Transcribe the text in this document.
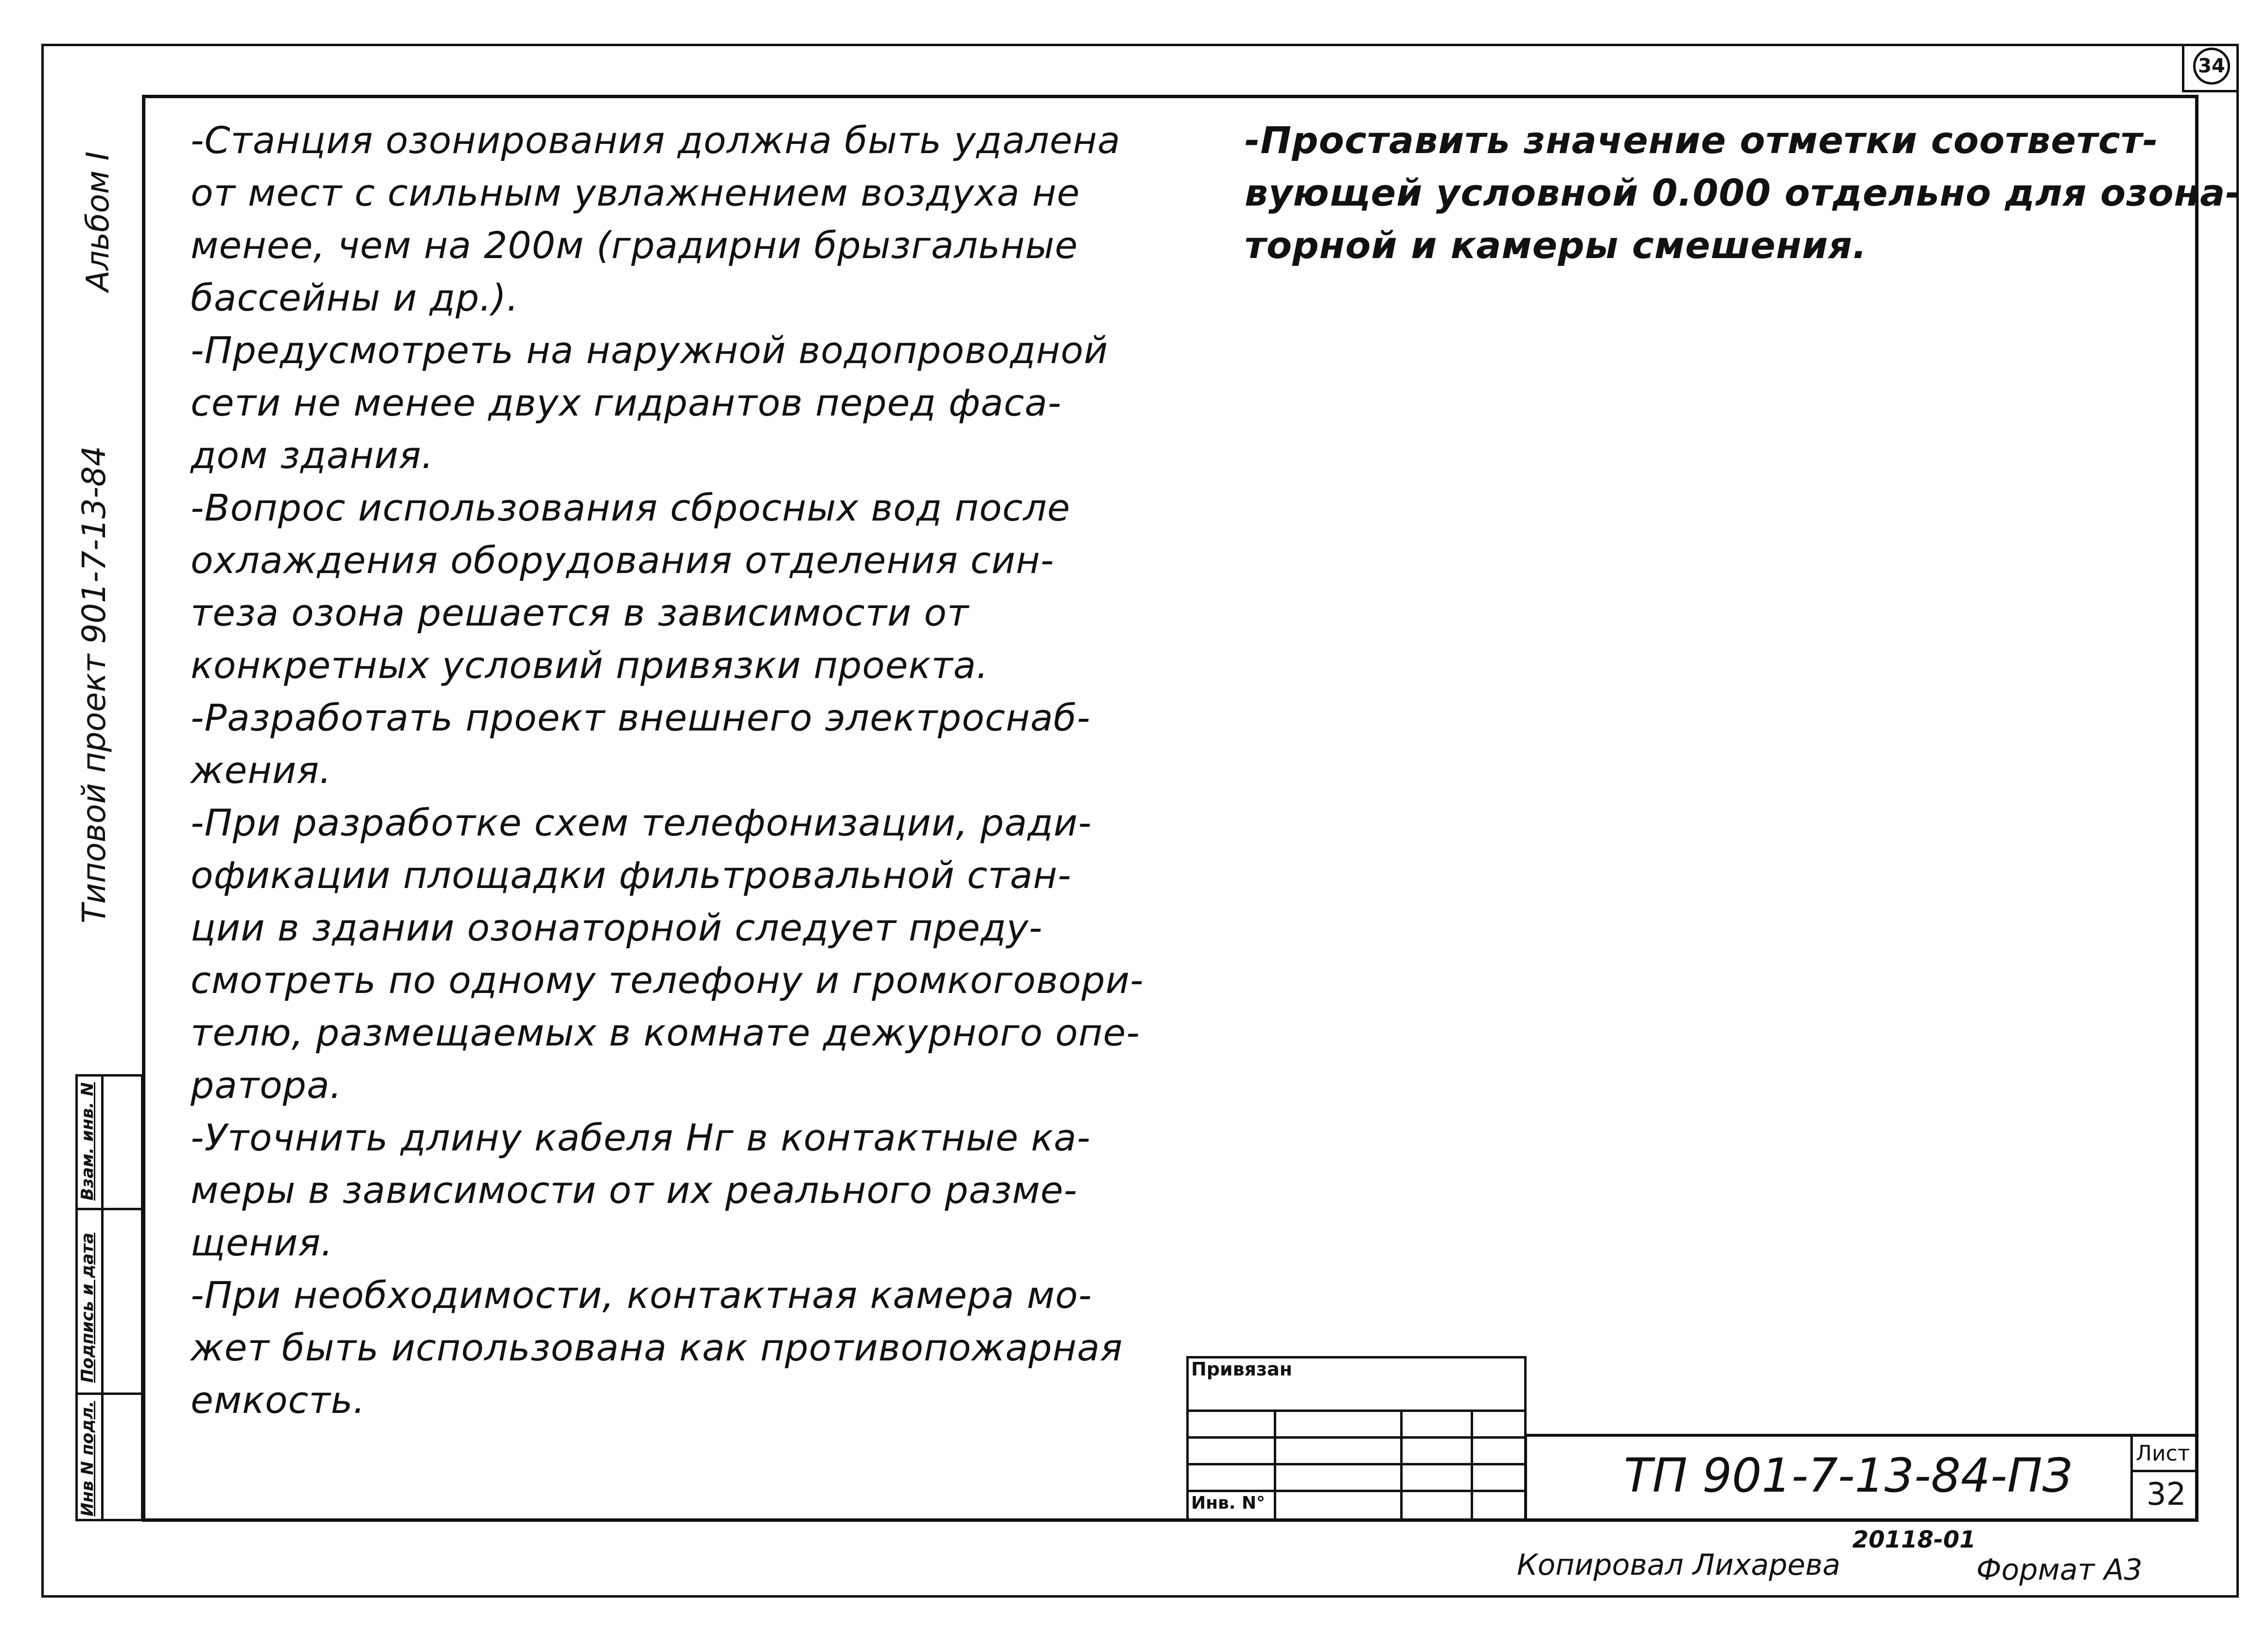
34
Альбом I
Типовой проект 901-7-13-84
Взам. инв. N
Подпись и дата
Инв N подл.
-Станция озонирования должна быть удалена
от мест с сильным увлажнением воздуха не
менее, чем на 200м (градирни брызгальные
бассейны и др.).
-Предусмотреть на наружной водопроводной
сети не менее двух гидрантов перед фаса-
дом здания.
-Вопрос использования сбросных вод после
охлаждения оборудования отделения син-
теза озона решается в зависимости от
конкретных условий привязки проекта.
-Разработать проект внешнего электроснаб-
жения.
-При разработке схем телефонизации, ради-
офикации площадки фильтровальной стан-
ции в здании озонаторной следует преду-
смотреть по одному телефону и громкоговори-
телю, размещаемых в комнате дежурного опе-
ратора.
-Уточнить длину кабеля Нг в контактные ка-
меры в зависимости от их реального разме-
щения.
-При необходимости, контактная камера мо-
жет быть использована как противопожарная
емкость.
-Проставить значение отметки соответст-
вующей условной 0.000 отдельно для озона-
торной и камеры смешения.
Привязан
Инв. N°
ТП 901-7-13-84-ПЗ	Лист
32
Копировал Лихарева
20118-01
Формат А3
